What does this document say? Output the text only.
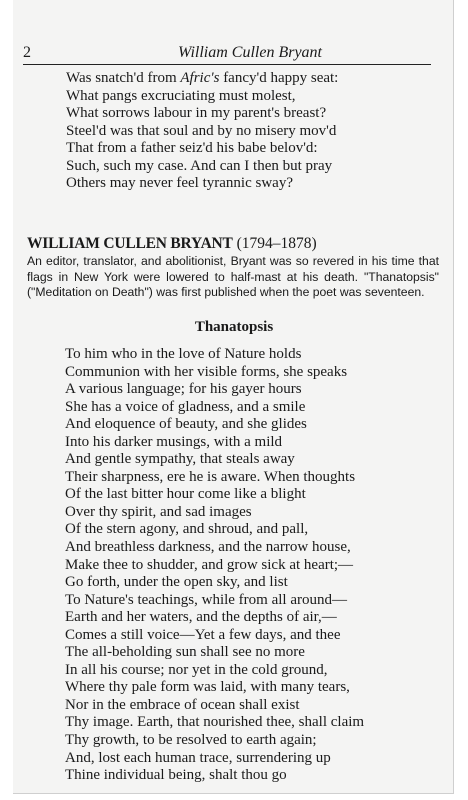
2	William Cullen Bryant
Was snatch'd from Afric's fancy'd happy seat:
What pangs excruciating must molest,
What sorrows labour in my parent's breast?
Steel'd was that soul and by no misery mov'd
That from a father seiz'd his babe belov'd:
Such, such my case. And can I then but pray
Others may never feel tyrannic sway?
WILLIAM CULLEN BRYANT (1794–1878)
An editor, translator, and abolitionist, Bryant was so revered in his time that
flags in New York were lowered to half-mast at his death. "Thanatopsis"
("Meditation on Death") was first published when the poet was seventeen.
Thanatopsis
To him who in the love of Nature holds
Communion with her visible forms, she speaks
A various language; for his gayer hours
She has a voice of gladness, and a smile
And eloquence of beauty, and she glides
Into his darker musings, with a mild
And gentle sympathy, that steals away
Their sharpness, ere he is aware. When thoughts
Of the last bitter hour come like a blight
Over thy spirit, and sad images
Of the stern agony, and shroud, and pall,
And breathless darkness, and the narrow house,
Make thee to shudder, and grow sick at heart;—
Go forth, under the open sky, and list
To Nature's teachings, while from all around—
Earth and her waters, and the depths of air,—
Comes a still voice—Yet a few days, and thee
The all-beholding sun shall see no more
In all his course; nor yet in the cold ground,
Where thy pale form was laid, with many tears,
Nor in the embrace of ocean shall exist
Thy image. Earth, that nourished thee, shall claim
Thy growth, to be resolved to earth again;
And, lost each human trace, surrendering up
Thine individual being, shalt thou go
